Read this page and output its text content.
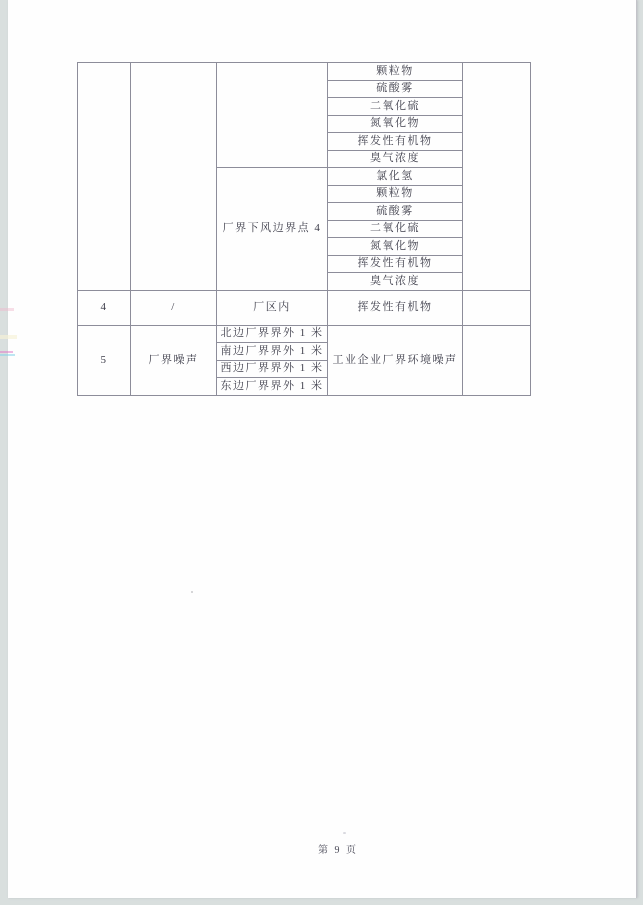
			颗粒物	
			硫酸雾	
			二氧化硫	
			氮氧化物	
			挥发性有机物	
			臭气浓度	
		厂界下风边界点 4	氯化氢	
			颗粒物	
			硫酸雾	
			二氧化硫	
			氮氧化物	
			挥发性有机物	
			臭气浓度	
4	/	厂区内	挥发性有机物	
5	厂界噪声	北边厂界界外 1 米	工业企业厂界环境噪声	
		南边厂界界外 1 米		
		西边厂界界外 1 米		
		东边厂界界外 1 米		
第 9 页
